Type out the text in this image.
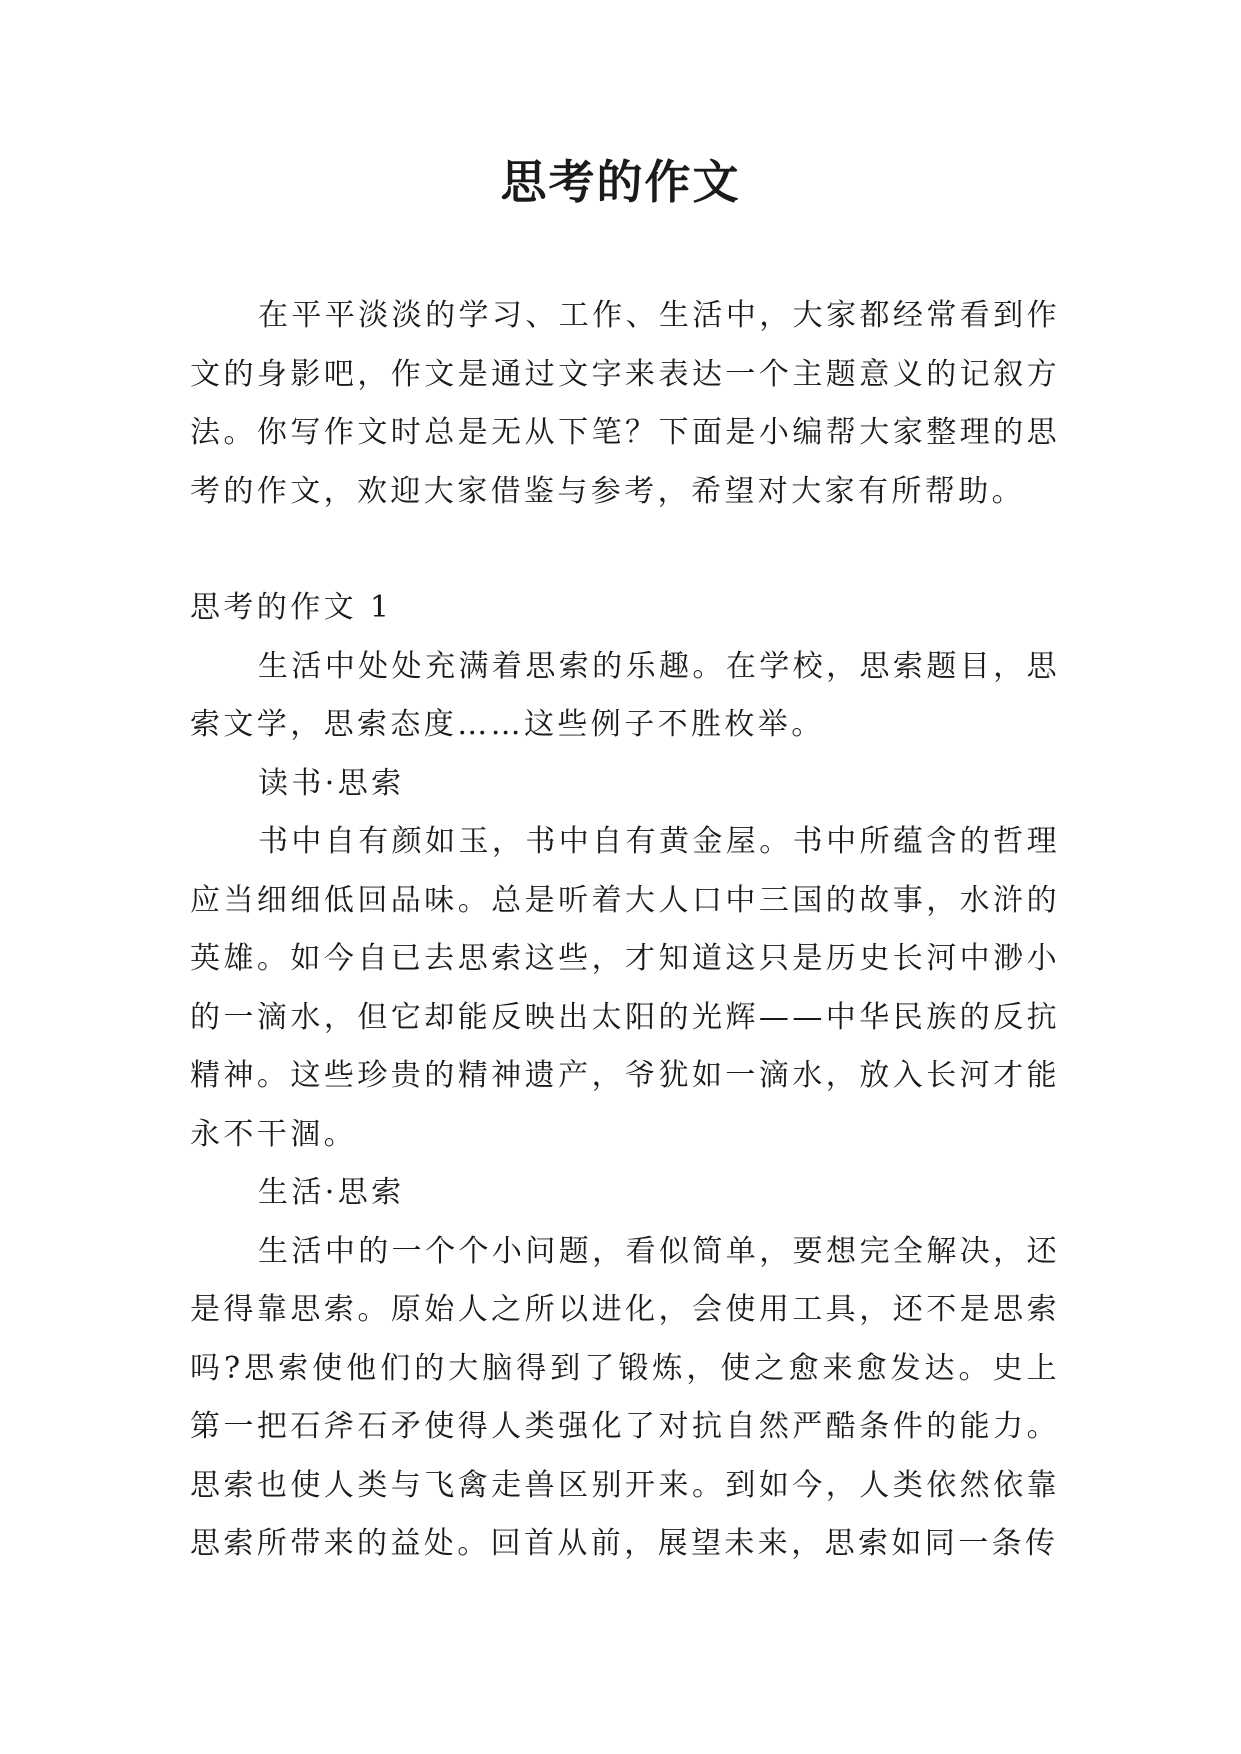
思考的作文

在平平淡淡的学习、工作、生活中，大家都经常看到作文的身影吧，作文是通过文字来表达一个主题意义的记叙方法。你写作文时总是无从下笔？下面是小编帮大家整理的思考的作文，欢迎大家借鉴与参考，希望对大家有所帮助。

思考的作文 1

生活中处处充满着思索的乐趣。在学校，思索题目，思索文学，思索态度……这些例子不胜枚举。

读书·思索

书中自有颜如玉，书中自有黄金屋。书中所蕴含的哲理应当细细低回品味。总是听着大人口中三国的故事，水浒的英雄。如今自已去思索这些，才知道这只是历史长河中渺小的一滴水，但它却能反映出太阳的光辉——中华民族的反抗精神。这些珍贵的精神遗产，爷犹如一滴水，放入长河才能永不干涸。

生活·思索

生活中的一个个小问题，看似简单，要想完全解决，还是得靠思索。原始人之所以进化，会使用工具，还不是思索吗?思索使他们的大脑得到了锻炼，使之愈来愈发达。史上第一把石斧石矛使得人类强化了对抗自然严酷条件的能力。思索也使人类与飞禽走兽区别开来。到如今，人类依然依靠思索所带来的益处。回首从前，展望未来，思索如同一条传
